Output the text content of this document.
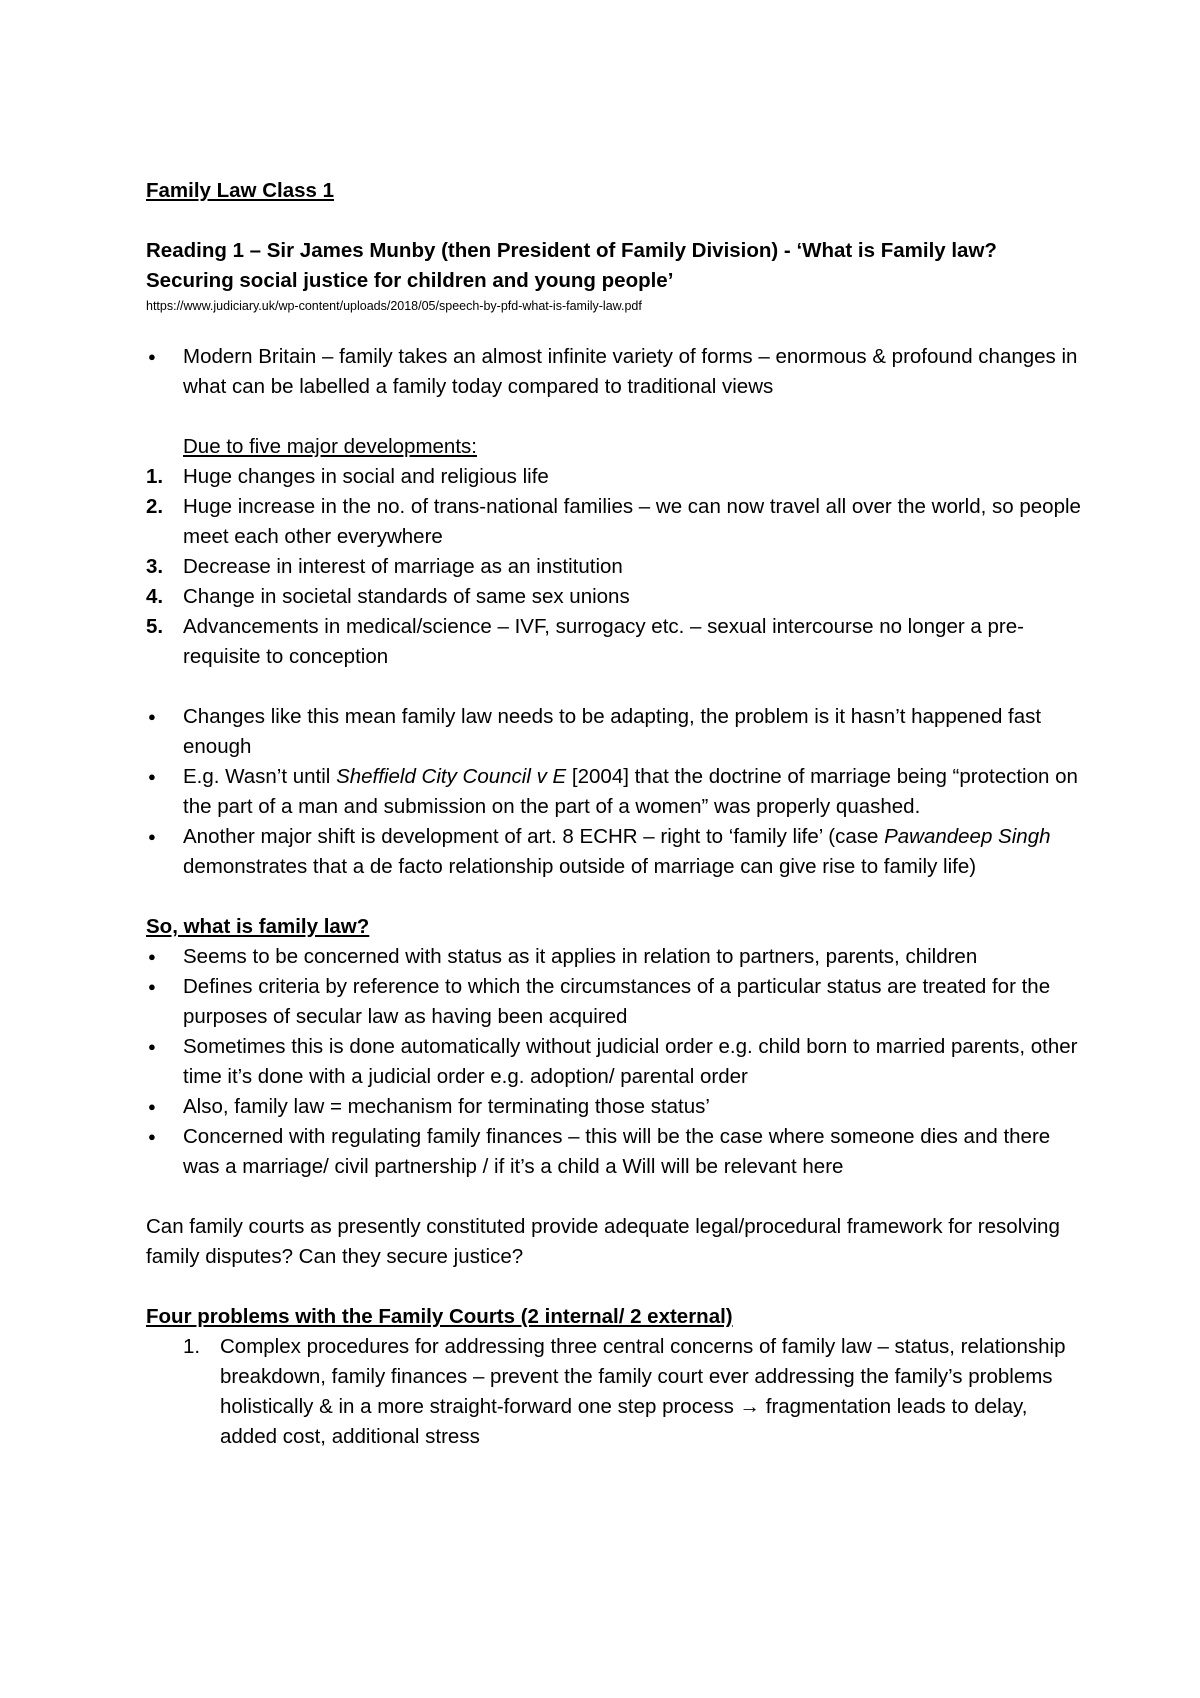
Family Law Class 1

Reading 1 – Sir James Munby (then President of Family Division) - ‘What is Family law?

Securing social justice for children and young people’

https://www.judiciary.uk/wp-content/uploads/2018/05/speech-by-pfd-what-is-family-law.pdf

● Modern Britain – family takes an almost infinite variety of forms – enormous & profound changes in what can be labelled a family today compared to traditional views

Due to five major developments:

1. Huge changes in social and religious life
2. Huge increase in the no. of trans-national families – we can now travel all over the world, so people meet each other everywhere
3. Decrease in interest of marriage as an institution
4. Change in societal standards of same sex unions
5. Advancements in medical/science – IVF, surrogacy etc. – sexual intercourse no longer a pre-requisite to conception
● Changes like this mean family law needs to be adapting, the problem is it hasn’t happened fast enough
● E.g. Wasn’t until Sheffield City Council v E [2004] that the doctrine of marriage being “protection on the part of a man and submission on the part of a women” was properly quashed.
● Another major shift is development of art. 8 ECHR – right to ‘family life’ (case Pawandeep Singh demonstrates that a de facto relationship outside of marriage can give rise to family life)

So, what is family law?

● Seems to be concerned with status as it applies in relation to partners, parents, children
● Defines criteria by reference to which the circumstances of a particular status are treated for the purposes of secular law as having been acquired
● Sometimes this is done automatically without judicial order e.g. child born to married parents, other time it’s done with a judicial order e.g. adoption/ parental order
● Also, family law = mechanism for terminating those status’
● Concerned with regulating family finances – this will be the case where someone dies and there was a marriage/ civil partnership / if it’s a child a Will will be relevant here

Can family courts as presently constituted provide adequate legal/procedural framework for resolving family disputes? Can they secure justice?

Four problems with the Family Courts (2 internal/ 2 external)

1. Complex procedures for addressing three central concerns of family law – status, relationship breakdown, family finances – prevent the family court ever addressing the family’s problems holistically & in a more straight-forward one step process → fragmentation leads to delay, added cost, additional stress
